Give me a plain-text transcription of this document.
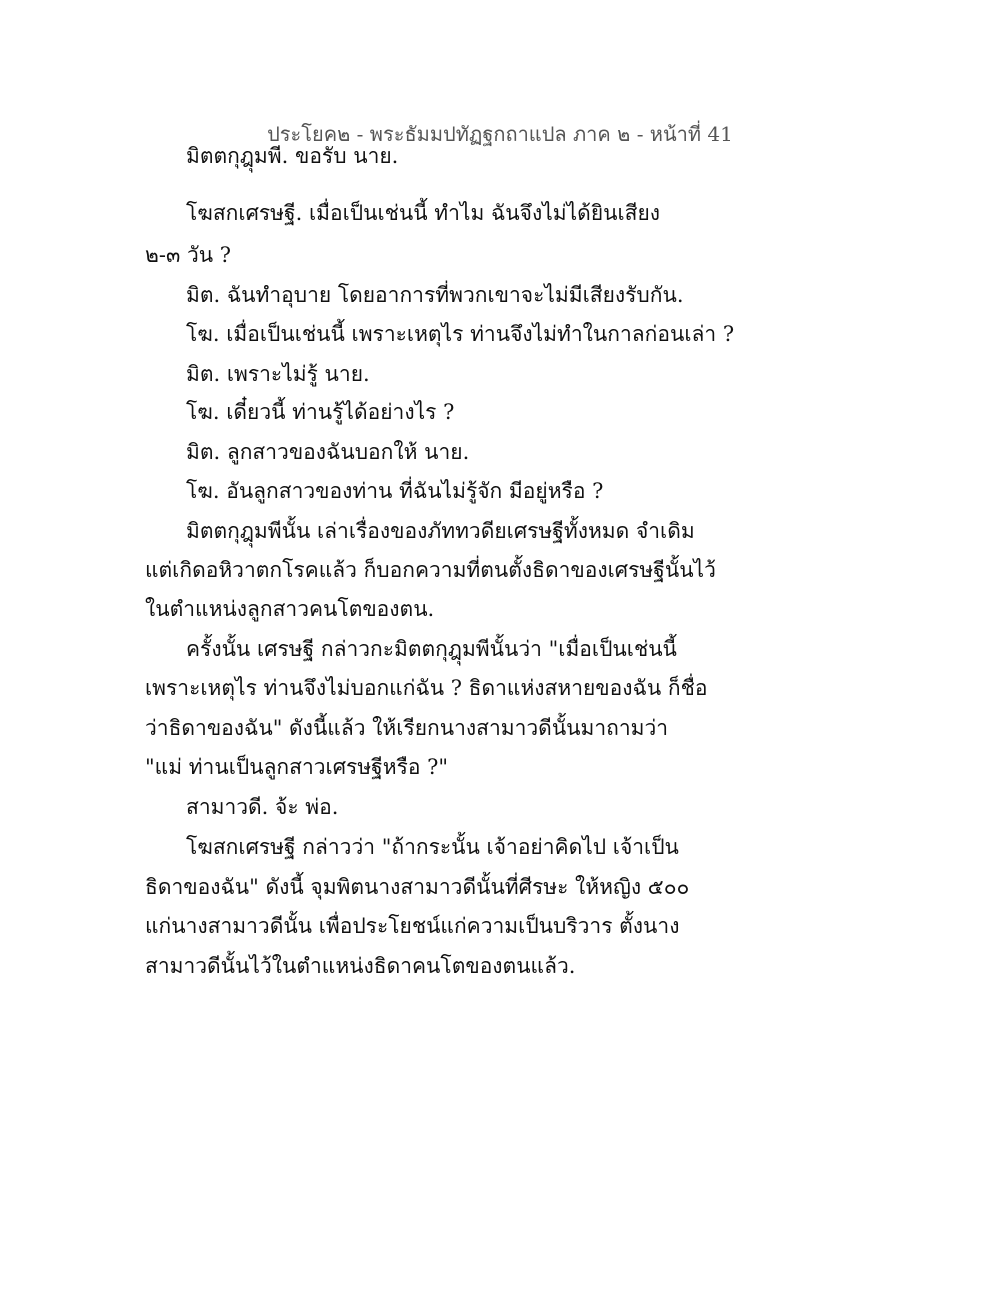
ประโยค๒ - พระธัมมปทัฏฐกถาแปล ภาค ๒ - หน้าที่ 41
มิตตกุฎุมพี. ขอรับ นาย.
โฆสกเศรษฐี. เมื่อเป็นเช่นนี้ ทำไม ฉันจึงไม่ได้ยินเสียง
๒-๓ วัน ?
มิต. ฉันทำอุบาย โดยอาการที่พวกเขาจะไม่มีเสียงรับกัน.
โฆ. เมื่อเป็นเช่นนี้ เพราะเหตุไร ท่านจึงไม่ทำในกาลก่อนเล่า ?
มิต. เพราะไม่รู้ นาย.
โฆ. เดี๋ยวนี้ ท่านรู้ได้อย่างไร ?
มิต. ลูกสาวของฉันบอกให้ นาย.
โฆ. อันลูกสาวของท่าน ที่ฉันไม่รู้จัก มีอยู่หรือ ?
มิตตกุฎุมพีนั้น เล่าเรื่องของภัททวดียเศรษฐีทั้งหมด จำเดิม
แต่เกิดอหิวาตกโรคแล้ว ก็บอกความที่ตนตั้งธิดาของเศรษฐีนั้นไว้
ในตำแหน่งลูกสาวคนโตของตน.
ครั้งนั้น เศรษฐี กล่าวกะมิตตกุฎุมพีนั้นว่า "เมื่อเป็นเช่นนี้
เพราะเหตุไร ท่านจึงไม่บอกแก่ฉัน ? ธิดาแห่งสหายของฉัน ก็ชื่อ
ว่าธิดาของฉัน" ดังนี้แล้ว ให้เรียกนางสามาวดีนั้นมาถามว่า
"แม่ ท่านเป็นลูกสาวเศรษฐีหรือ ?"
สามาวดี. จ้ะ พ่อ.
โฆสกเศรษฐี กล่าวว่า "ถ้ากระนั้น เจ้าอย่าคิดไป เจ้าเป็น
ธิดาของฉัน" ดังนี้ จุมพิตนางสามาวดีนั้นที่ศีรษะ ให้หญิง ๕๐๐
แก่นางสามาวดีนั้น เพื่อประโยชน์แก่ความเป็นบริวาร ตั้งนาง
สามาวดีนั้นไว้ในตำแหน่งธิดาคนโตของตนแล้ว.
